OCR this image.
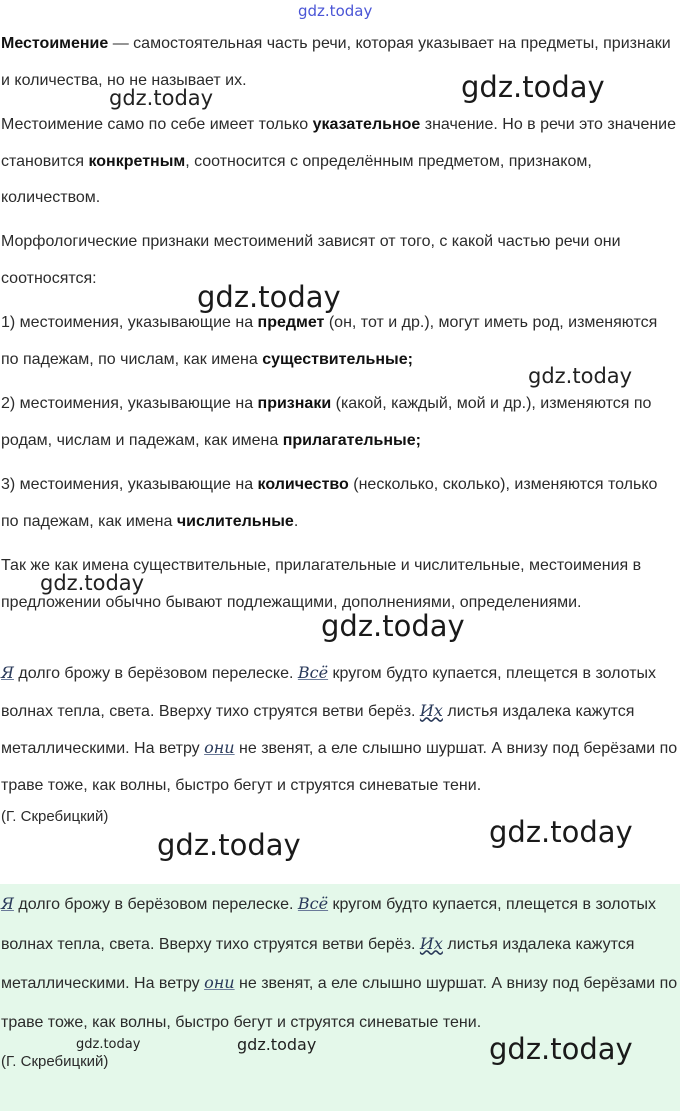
gdz.today

Местоимение — самостоятельная часть речи, которая указывает на предметы, признаки и количества, но не называет их.

Местоимение само по себе имеет только указательное значение. Но в речи это значение становится конкретным, соотносится с определённым предметом, признаком, количеством.

Морфологические признаки местоимений зависят от того, с какой частью речи они соотносятся:

1) местоимения, указывающие на предмет (он, тот и др.), могут иметь род, изменяются по падежам, по числам, как имена существительные;

2) местоимения, указывающие на признаки (какой, каждый, мой и др.), изменяются по родам, числам и падежам, как имена прилагательные;

3) местоимения, указывающие на количество (несколько, сколько), изменяются только по падежам, как имена числительные.

Так же как имена существительные, прилагательные и числительные, местоимения в предложении обычно бывают подлежащими, дополнениями, определениями.

Я долго брожу в берёзовом перелеске. Всё кругом будто купается, плещется в золотых волнах тепла, света. Вверху тихо струятся ветви берёз. Их листья издалека кажутся металлическими. На ветру они не звенят, а еле слышно шуршат. А внизу под берёзами по траве тоже, как волны, быстро бегут и струятся синеватые тени.

(Г. Скребицкий)

Я долго брожу в берёзовом перелеске. Всё кругом будто купается, плещется в золотых волнах тепла, света. Вверху тихо струятся ветви берёз. Их листья издалека кажутся металлическими. На ветру они не звенят, а еле слышно шуршат. А внизу под берёзами по траве тоже, как волны, быстро бегут и струятся синеватые тени.

(Г. Скребицкий)

gdz.today
gdz.today
gdz.today
gdz.today
gdz.today
gdz.today
gdz.today
gdz.today
gdz.today	gdz.today	gdz.today
